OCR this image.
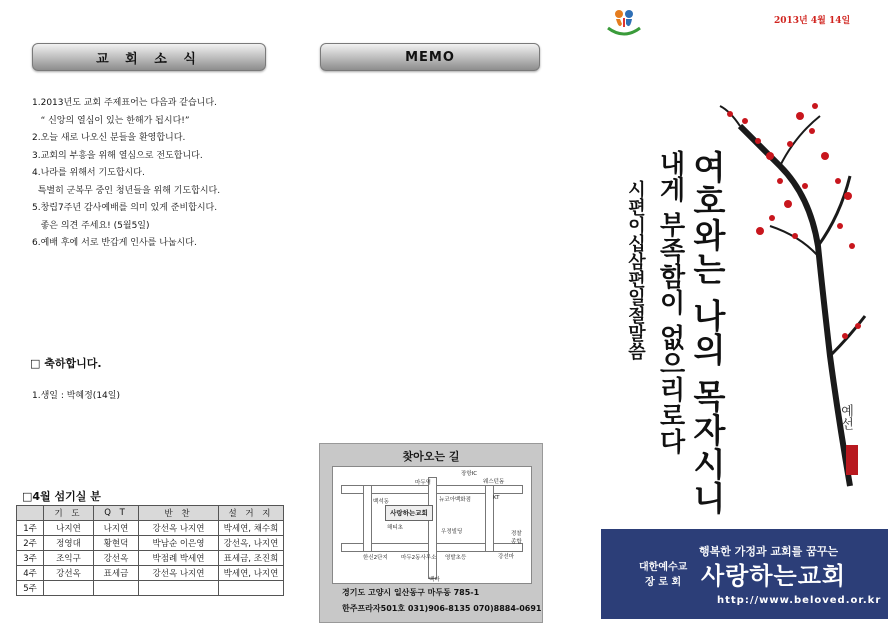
교 회 소 식
1.2013년도 교회 주제표어는 다음과 같습니다.
“ 신앙의 열심이 있는 한해가 됩시다!”
2.오늘 새로 나오신 분들을 환영합니다.
3.교회의 부흥을 위해 열심으로 전도합니다.
4.나라를 위해서 기도합시다.
특별히 군복무 중인 청년들을 위해 기도합시다.
5.창립7주년 감사예배를 의미 있게 준비합시다.
좋은 의견 주세요! (5월5일)
6.예배 후에 서로 반갑게 인사를 나눕시다.
□ 축하합니다.
1.생일 : 박혜정(14일)
□4월 섬기실 분
	기 도	Q T	반 찬	설 거 지
1주	나지연	나지연	강선옥 나지연	박세연, 채수희
2주	정영대	황현덕	박남순 이은영	강선옥, 나지연
3주	조익구	강선옥	박점례 박세연	표세금, 조진희
4주	강선옥	표세금	강선옥 나지연	박세연, 나지연
5주				
MEMO
찾아오는 길
사랑하는교회
장항IC
마두역	웨스턴돔
뉴코아백화점
백석동
KT
해티초
우정빌딩	경찰
종합
강선마
한신2단지 마두2동사무소 영발초등
백마
경기도 고양시 일산동구 마두동 785-1
한주프라자501호 031)906-8135 070)8884-0691
2013년 4월 14일
여호와는 나의 목자시니
내게 부족함이 없으리로다
시편이십삼편일절말씀
예선
행복한 가정과 교회를 꿈꾸는
대한예수교
장 로 회 사랑하는교회
http://www.beloved.or.kr
